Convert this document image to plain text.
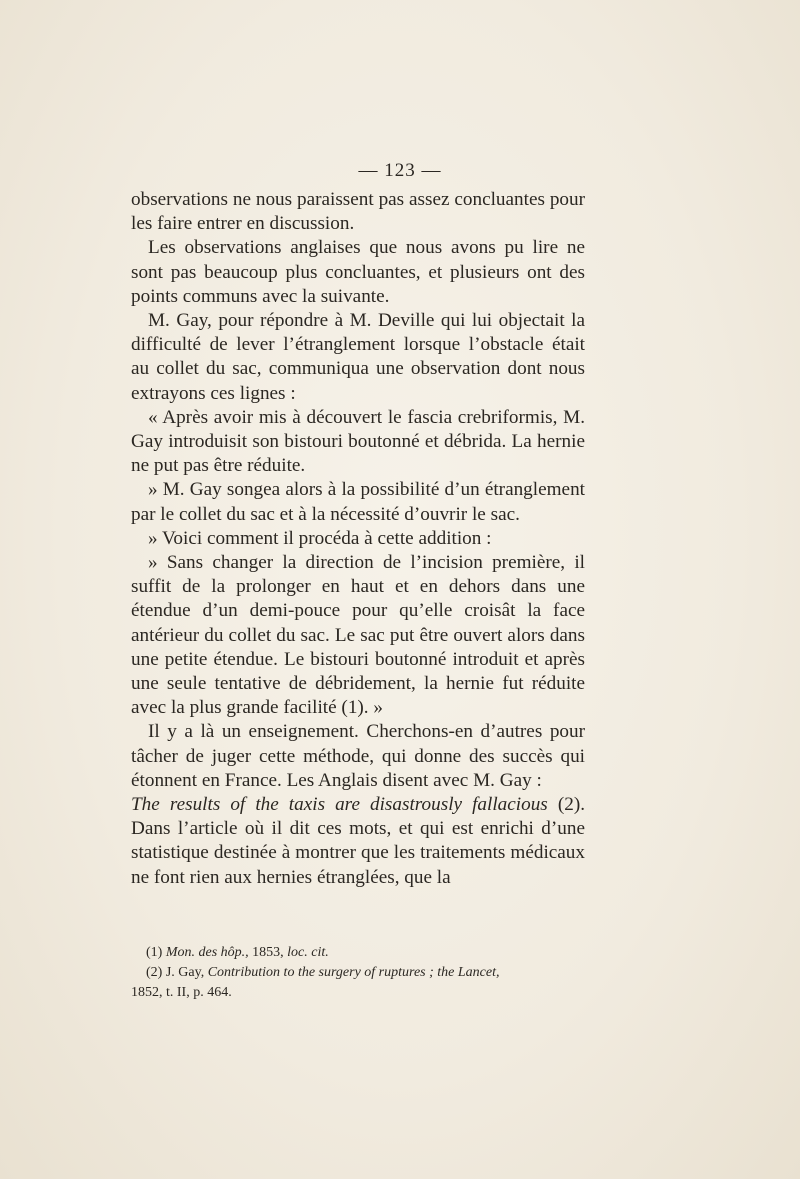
— 123 —

observations ne nous paraissent pas assez concluantes pour les faire entrer en discussion.

Les observations anglaises que nous avons pu lire ne sont pas beaucoup plus concluantes, et plusieurs ont des points communs avec la suivante.

M. Gay, pour répondre à M. Deville qui lui objectait la difficulté de lever l’étranglement lorsque l’obstacle était au collet du sac, communiqua une observation dont nous extrayons ces lignes :

« Après avoir mis à découvert le fascia crebriformis, M. Gay introduisit son bistouri boutonné et débrida. La hernie ne put pas être réduite.

» M. Gay songea alors à la possibilité d’un étranglement par le collet du sac et à la nécessité d’ouvrir le sac.

» Voici comment il procéda à cette addition :

» Sans changer la direction de l’incision première, il suffit de la prolonger en haut et en dehors dans une étendue d’un demi-pouce pour qu’elle croisât la face antérieur du collet du sac. Le sac put être ouvert alors dans une petite étendue. Le bistouri boutonné introduit et après une seule tentative de débridement, la hernie fut réduite avec la plus grande facilité (1). »

Il y a là un enseignement. Cherchons-en d’autres pour tâcher de juger cette méthode, qui donne des succès qui étonnent en France. Les Anglais disent avec M. Gay :
The results of the taxis are disastrously fallacious (2). Dans l’article où il dit ces mots, et qui est enrichi d’une statistique destinée à montrer que les traitements médicaux ne font rien aux hernies étranglées, que la

(1) Mon. des hôp., 1853, loc. cit.

(2) J. Gay, Contribution to the surgery of ruptures ; the Lancet,

1852, t. II, p. 464.
